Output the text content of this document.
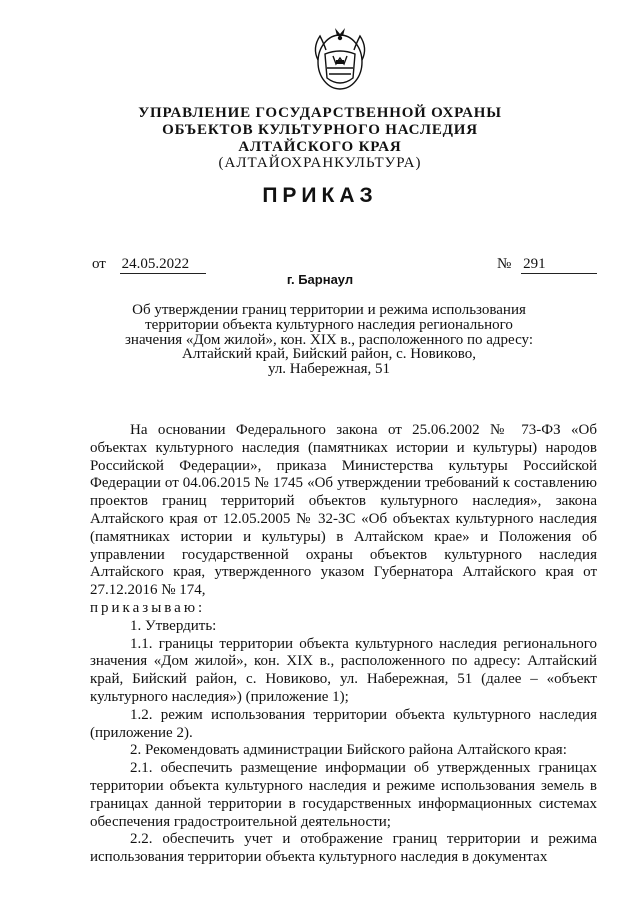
УПРАВЛЕНИЕ ГОСУДАРСТВЕННОЙ ОХРАНЫ
ОБЪЕКТОВ КУЛЬТУРНОГО НАСЛЕДИЯ
АЛТАЙСКОГО КРАЯ
(АЛТАЙОХРАНКУЛЬТУРА)
ПРИКАЗ
от 24.05.2022	№ 291
г. Барнаул
Об утверждении границ территории и режима использования
территории объекта культурного наследия регионального
значения «Дом жилой», кон. XIX в., расположенного по адресу:
Алтайский край, Бийский район, с. Новиково,
ул. Набережная, 51

На основании Федерального закона от 25.06.2002 № 73-ФЗ «Об объектах культурного наследия (памятниках истории и культуры) народов Российской Федерации», приказа Министерства культуры Российской Федерации от 04.06.2015 № 1745 «Об утверждении требований к составлению проектов границ территорий объектов культурного наследия», закона Алтайского края от 12.05.2005 № 32-ЗС «Об объектах культурного наследия (памятниках истории и культуры) в Алтайском крае» и Положения об управлении государственной охраны объектов культурного наследия Алтайского края, утвержденного указом Губернатора Алтайского края от 27.12.2016 № 174,

приказываю:

1. Утвердить:

1.1. границы территории объекта культурного наследия регионального значения «Дом жилой», кон. XIX в., расположенного по адресу: Алтайский край, Бийский район, с. Новиково, ул. Набережная, 51 (далее – «объект культурного наследия») (приложение 1);

1.2. режим использования территории объекта культурного наследия (приложение 2).

2. Рекомендовать администрации Бийского района Алтайского края:

2.1. обеспечить размещение информации об утвержденных границах территории объекта культурного наследия и режиме использования земель в границах данной территории в государственных информационных системах обеспечения градостроительной деятельности;

2.2. обеспечить учет и отображение границ территории и режима использования территории объекта культурного наследия в документах
